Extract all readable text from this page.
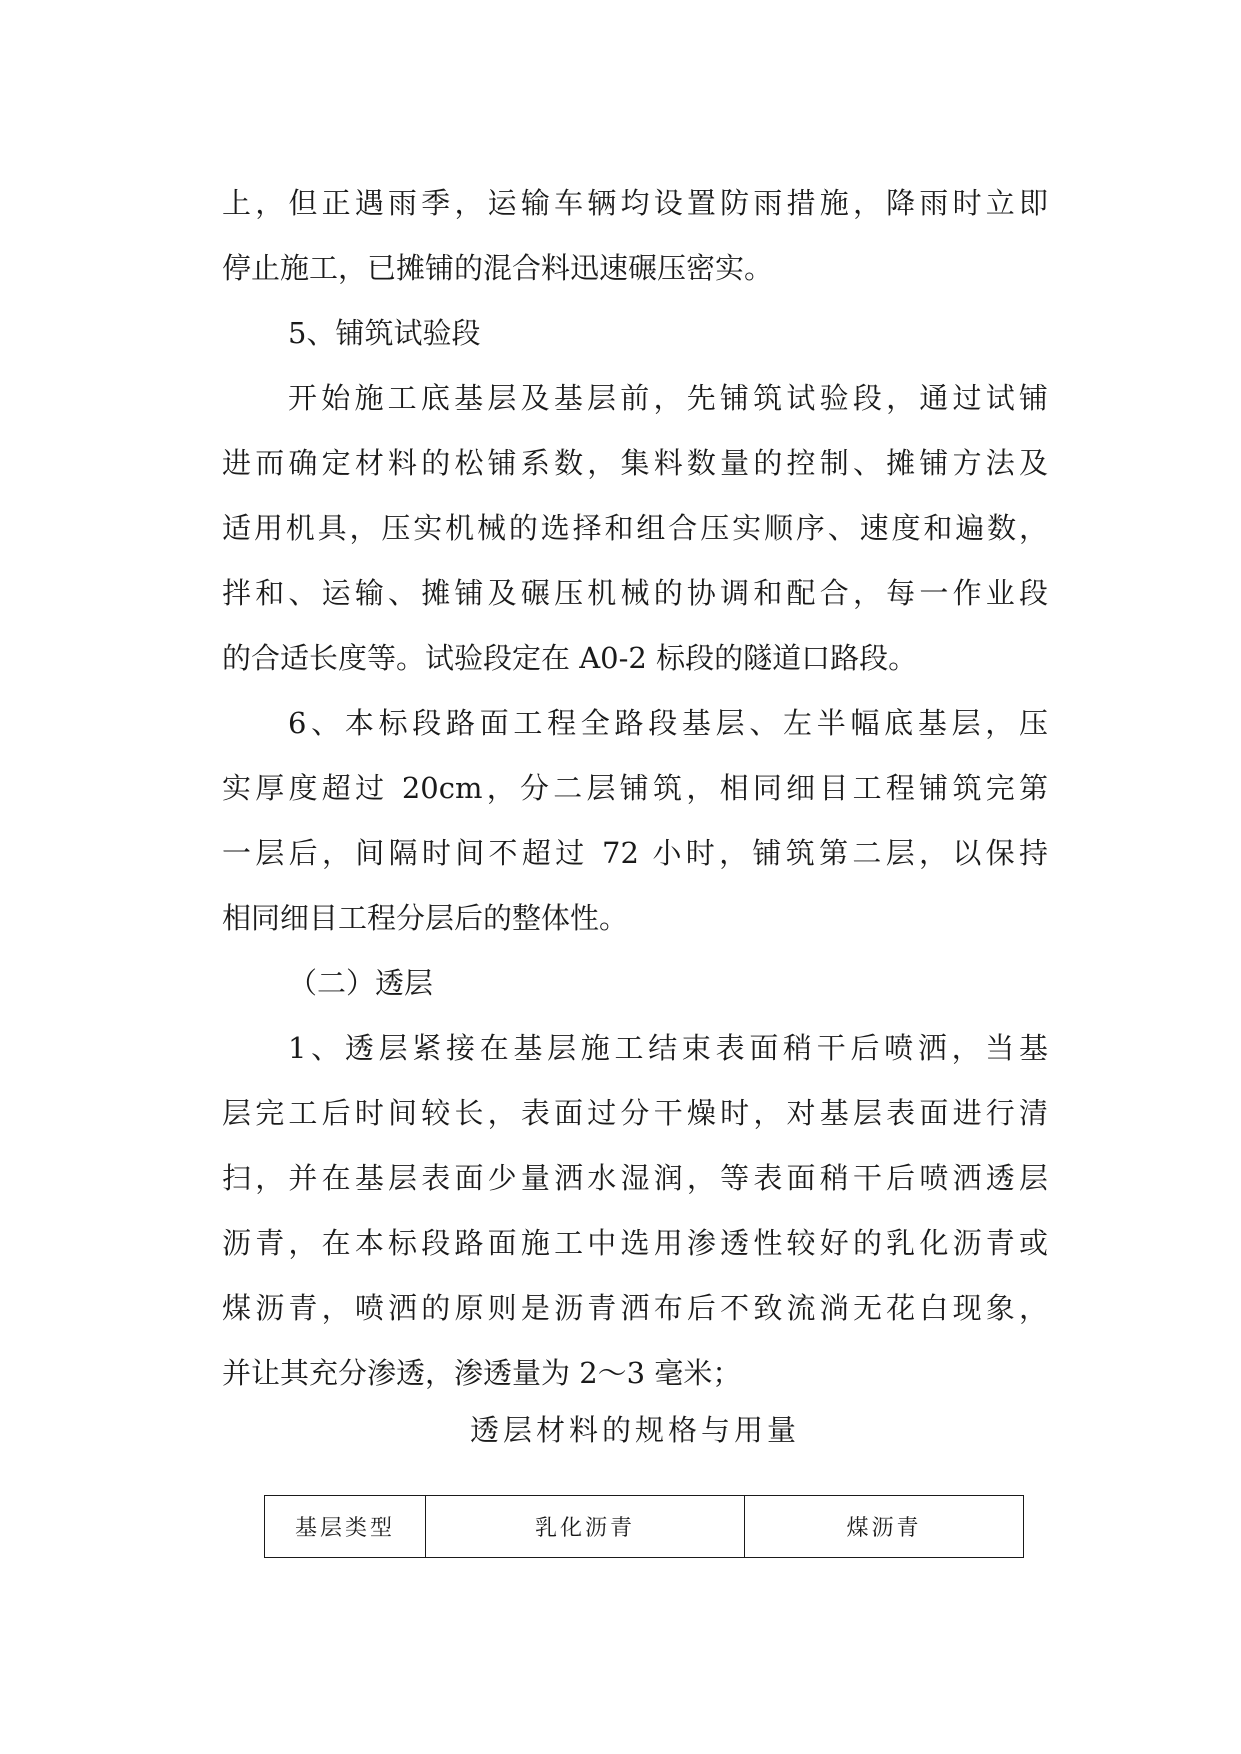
上，但正遇雨季，运输车辆均设置防雨措施，降雨时立即
停止施工，已摊铺的混合料迅速碾压密实。
5、铺筑试验段
开始施工底基层及基层前，先铺筑试验段，通过试铺
进而确定材料的松铺系数，集料数量的控制、摊铺方法及
适用机具，压实机械的选择和组合压实顺序、速度和遍数，
拌和、运输、摊铺及碾压机械的协调和配合，每一作业段
的合适长度等。试验段定在 A0-2 标段的隧道口路段。
6、本标段路面工程全路段基层、左半幅底基层，压
实厚度超过 20cm，分二层铺筑，相同细目工程铺筑完第
一层后，间隔时间不超过 72 小时，铺筑第二层，以保持
相同细目工程分层后的整体性。
（二）透层
1、透层紧接在基层施工结束表面稍干后喷洒，当基
层完工后时间较长，表面过分干燥时，对基层表面进行清
扫，并在基层表面少量洒水湿润，等表面稍干后喷洒透层
沥青，在本标段路面施工中选用渗透性较好的乳化沥青或
煤沥青，喷洒的原则是沥青洒布后不致流淌无花白现象，
并让其充分渗透，渗透量为 2～3 毫米；
透层材料的规格与用量
基层类型	乳化沥青	煤沥青
